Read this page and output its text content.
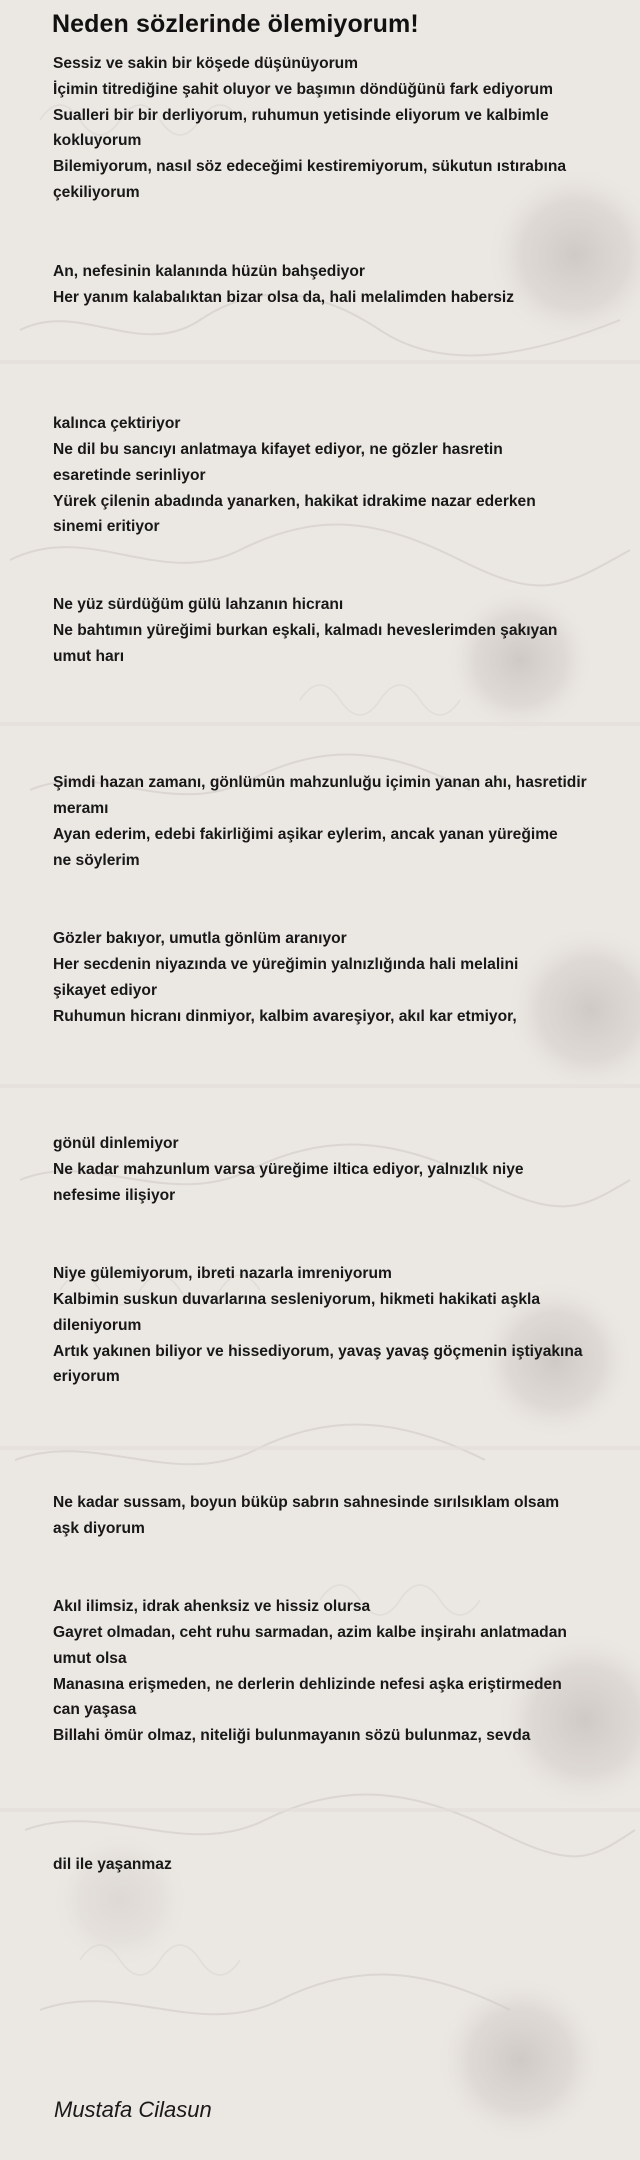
Neden sözlerinde ölemiyorum!
Sessiz ve sakin bir köşede düşünüyorum
İçimin titrediğine şahit oluyor ve başımın döndüğünü fark ediyorum
Sualleri bir bir derliyorum, ruhumun yetisinde eliyorum ve kalbimle
kokluyorum
Bilemiyorum, nasıl söz edeceğimi kestiremiyorum, sükutun ıstırabına
çekiliyorum
An, nefesinin kalanında hüzün bahşediyor
Her yanım kalabalıktan bizar olsa da, hali melalimden habersiz
kalınca çektiriyor
Ne dil bu sancıyı anlatmaya kifayet ediyor, ne gözler hasretin
esaretinde serinliyor
Yürek çilenin abadında yanarken, hakikat idrakime nazar ederken
sinemi eritiyor
Ne yüz sürdüğüm gülü lahzanın hicranı
Ne bahtımın yüreğimi burkan eşkali, kalmadı heveslerimden şakıyan
umut harı
Şimdi hazan zamanı, gönlümün mahzunluğu içimin yanan ahı, hasretidir
meramı
Ayan ederim, edebi fakirliğimi aşikar eylerim, ancak yanan yüreğime
ne söylerim
Gözler bakıyor, umutla gönlüm aranıyor
Her secdenin niyazında ve yüreğimin yalnızlığında hali melalini
şikayet ediyor
Ruhumun hicranı dinmiyor, kalbim avareşiyor, akıl kar etmiyor,
gönül dinlemiyor
Ne kadar mahzunlum varsa yüreğime iltica ediyor, yalnızlık niye
nefesime ilişiyor
Niye gülemiyorum, ibreti nazarla imreniyorum
Kalbimin suskun duvarlarına sesleniyorum, hikmeti hakikati aşkla
dileniyorum
Artık yakınen biliyor ve hissediyorum, yavaş yavaş göçmenin iştiyakına
eriyorum
Ne kadar sussam, boyun büküp sabrın sahnesinde sırılsıklam olsam
aşk diyorum
Akıl ilimsiz, idrak ahenksiz ve hissiz olursa
Gayret olmadan, ceht ruhu sarmadan, azim kalbe inşirahı anlatmadan
umut olsa
Manasına erişmeden, ne derlerin dehlizinde nefesi aşka eriştirmeden
can yaşasa
Billahi ömür olmaz, niteliği bulunmayanın sözü bulunmaz, sevda
dil ile yaşanmaz
Mustafa Cilasun
